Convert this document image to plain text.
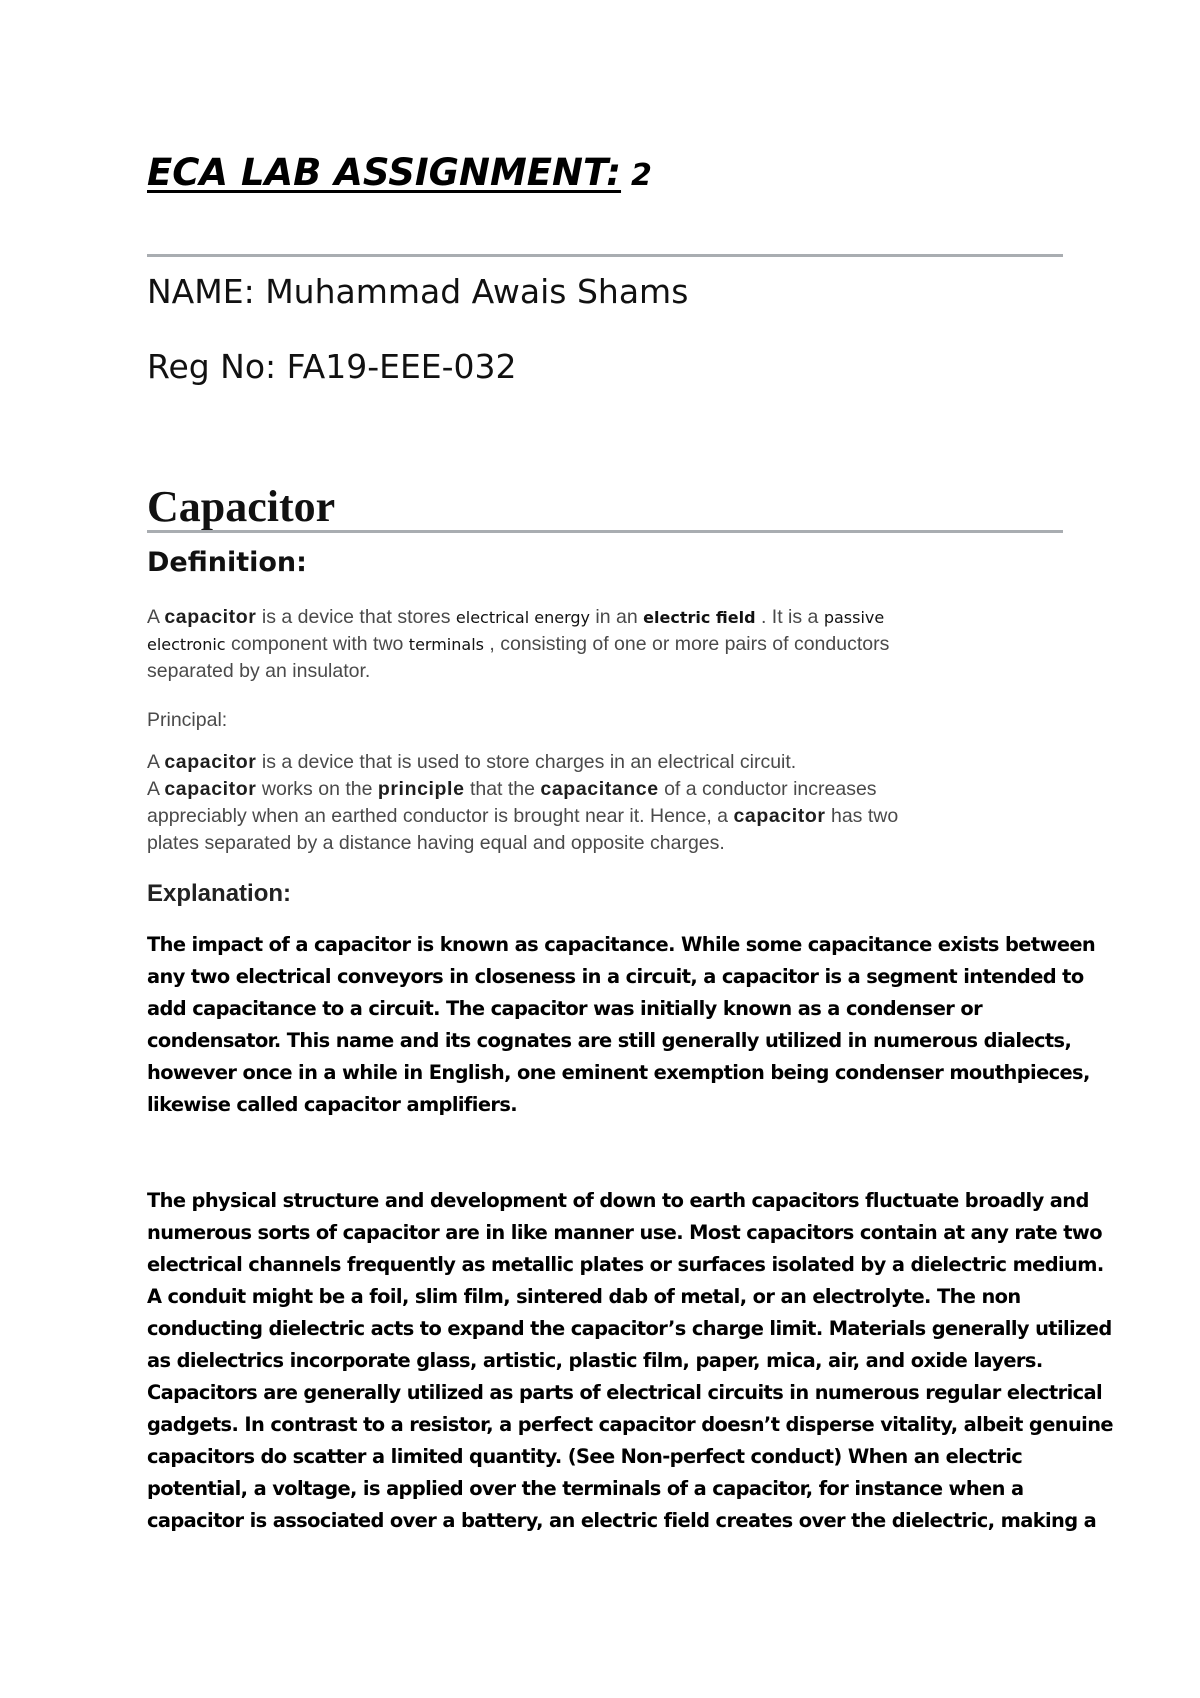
ECA LAB ASSIGNMENT: 2

NAME: Muhammad Awais Shams

Reg No: FA19-EEE-032

Capacitor
Definition:

A capacitor is a device that stores electrical energy in an electric field . It is a passive
electronic component with two terminals , consisting of one or more pairs of conductors
separated by an insulator.

Principal:

A capacitor is a device that is used to store charges in an electrical circuit.
A capacitor works on the principle that the capacitance of a conductor increases
appreciably when an earthed conductor is brought near it. Hence, a capacitor has two
plates separated by a distance having equal and opposite charges.

Explanation:

The impact of a capacitor is known as capacitance. While some capacitance exists between
any two electrical conveyors in closeness in a circuit, a capacitor is a segment intended to
add capacitance to a circuit. The capacitor was initially known as a condenser or
condensator. This name and its cognates are still generally utilized in numerous dialects,
however once in a while in English, one eminent exemption being condenser mouthpieces,
likewise called capacitor amplifiers.

The physical structure and development of down to earth capacitors fluctuate broadly and
numerous sorts of capacitor are in like manner use. Most capacitors contain at any rate two
electrical channels frequently as metallic plates or surfaces isolated by a dielectric medium.
A conduit might be a foil, slim film, sintered dab of metal, or an electrolyte. The non
conducting dielectric acts to expand the capacitor’s charge limit. Materials generally utilized
as dielectrics incorporate glass, artistic, plastic film, paper, mica, air, and oxide layers.
Capacitors are generally utilized as parts of electrical circuits in numerous regular electrical
gadgets. In contrast to a resistor, a perfect capacitor doesn’t disperse vitality, albeit genuine
capacitors do scatter a limited quantity. (See Non-perfect conduct) When an electric
potential, a voltage, is applied over the terminals of a capacitor, for instance when a
capacitor is associated over a battery, an electric field creates over the dielectric, making a
